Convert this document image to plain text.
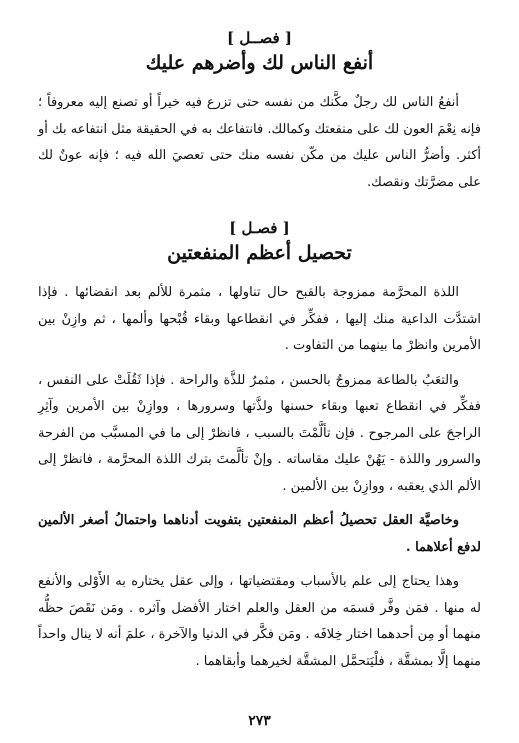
[ فصــل ]
أنفع الناس لك وأضرهم عليك

أنفعُ الناس لك رجلٌ مكَّنك من نفسه حتى تزرع فيه خيراً أو تصنع إليه معروفاً ؛ فإنه نِعْمَ العون لك على منفعتك وكمالك. فانتفاعك به في الحقيقة مثل انتفاعه بك أو أكثر. وأضرُّ الناس عليك من مكّن نفسه منك حتى تعصيَ الله فيه ؛ فإنه عونٌ لك على مضرَّتك ونقصك.

[ فصـل ]
تحصيل أعظم المنفعتين

اللذة المحرَّمة ممزوجة بالقبح حال تناولها ، مثمرة للألم بعد انقضائها . فإذا اشتدَّت الداعية منك إليها ، ففكِّر في انقطاعها وبقاء قُبْحها وألمها ، ثم وازِنْ بين الأمرين وانظرْ ما بينهما من التفاوت .

والتعَبُ بالطاعة ممزوجٌ بالحسن ، مثمرٌ للذَّة والراحة . فإذا ثَقُلَتْ على النفس ، ففكِّر في انقطاع تعبها وبقاء حسنها ولذَّتها وسرورها ، ووازِنْ بين الأمرين وآثِرِ الراجحَ على المرجوح . فإن تألَّمْتَ بالسبب ، فانظرْ إلى ما في المسبَّب من الفرحة والسرور واللذة - يَهُنْ عليك مقاساته . وإنْ تألَّمتَ بترك اللذة المحرَّمة ، فانظرْ إلى الألم الذي يعقبه ، ووازِنْ بين الألمين .

وخاصيَّة العقل تحصيلُ أعظم المنفعتين بتفويت أدناهما واحتمالُ أصغر الألمين لدفع أعلاهما .

وهذا يحتاج إلى علم بالأسباب ومقتضياتها ، وإلى عقل يختاره به الأَوْلى والأنفع له منها . فمَن وفَّر قسمَه من العقل والعلم اختار الأفضل وآثره . ومَن نَقَصَ حظُّه منهما أو مِن أحدهما اختار خِلافَه . ومَن فكَّر في الدنيا والآخرة ، علمَ أنه لا ينال واحداً منهما إلَّا بمشقَّة ، فلْيَتحمَّل المشقَّة لخيرهما وأبقاهما .

٢٧٣
